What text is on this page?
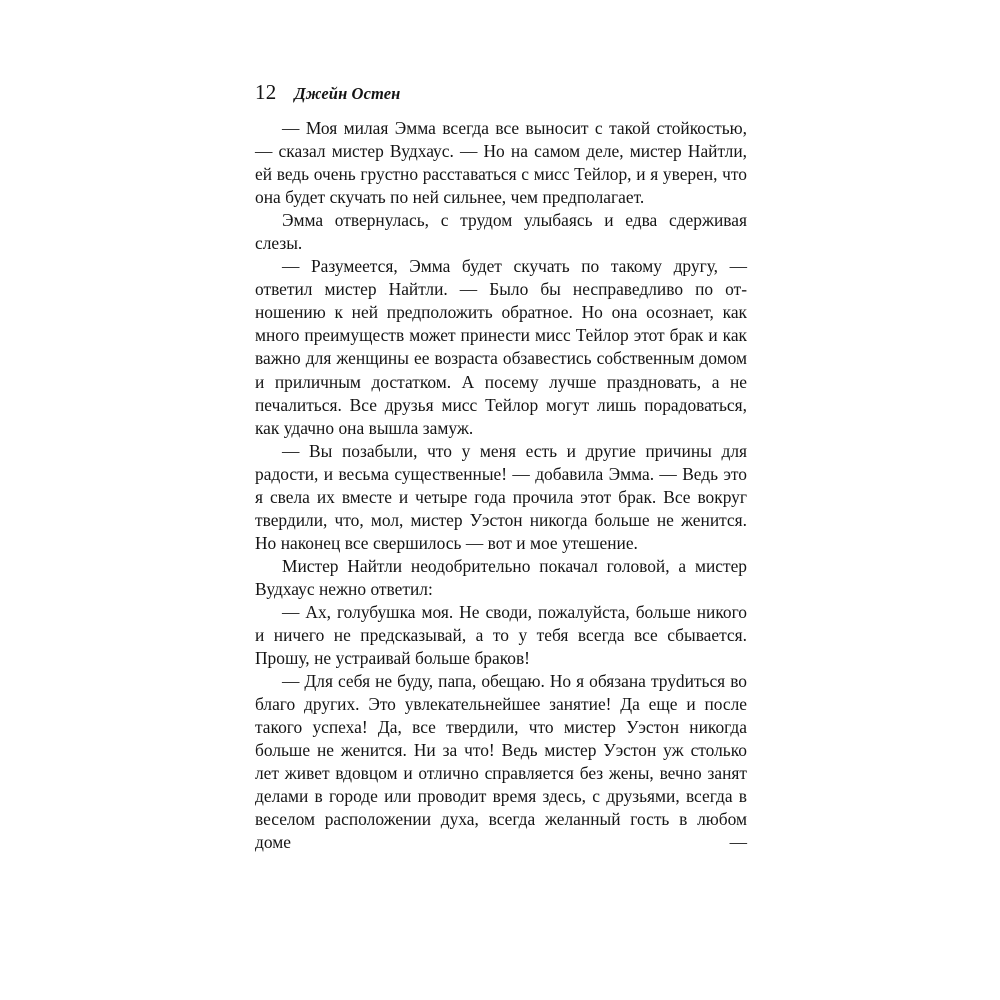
12 Джейн Остен

— Моя милая Эмма всегда все выносит с такой стойкостью, — сказал мистер Вудхаус. — Но на самом деле, мистер Найтли, ей ведь очень грустно расставаться с мисс Тейлор, и я уверен, что она будет скучать по ней сильнее, чем предполагает.

Эмма отвернулась, с трудом улыбаясь и едва сдерживая слезы.

— Разумеется, Эмма будет скучать по такому другу, — ответил мистер Найтли. — Было бы несправедливо по отношению к ней предположить обратное. Но она осознает, как много преимуществ может принести мисс Тейлор этот брак и как важно для женщины ее возраста обзавестись собственным домом и приличным достатком. А посему лучше праздновать, а не печалиться. Все друзья мисс Тейлор могут лишь порадоваться, как удачно она вышла замуж.

— Вы позабыли, что у меня есть и другие причины для радости, и весьма существенные! — добавила Эмма. — Ведь это я свела их вместе и четыре года прочила этот брак. Все вокруг твердили, что, мол, мистер Уэстон никогда больше не женится. Но наконец все свершилось — вот и мое утешение.

Мистер Найтли неодобрительно покачал головой, а мистер Вудхаус нежно ответил:

— Ах, голубушка моя. Не своди, пожалуйста, больше никого и ничего не предсказывай, а то у тебя всегда все сбывается. Прошу, не устраивай больше браков!

— Для себя не буду, папа, обещаю. Но я обязана труdиться во благо других. Это увлекательнейшее занятие! Да еще и после такого успеха! Да, все твердили, что мистер Уэстон никогда больше не женится. Ни за что! Ведь мистер Уэстон уж столько лет живет вдовцом и отлично справляется без жены, вечно занят делами в городе или проводит время здесь, с друзьями, всегда в веселом расположении духа, всегда желанный гость в любом доме —
